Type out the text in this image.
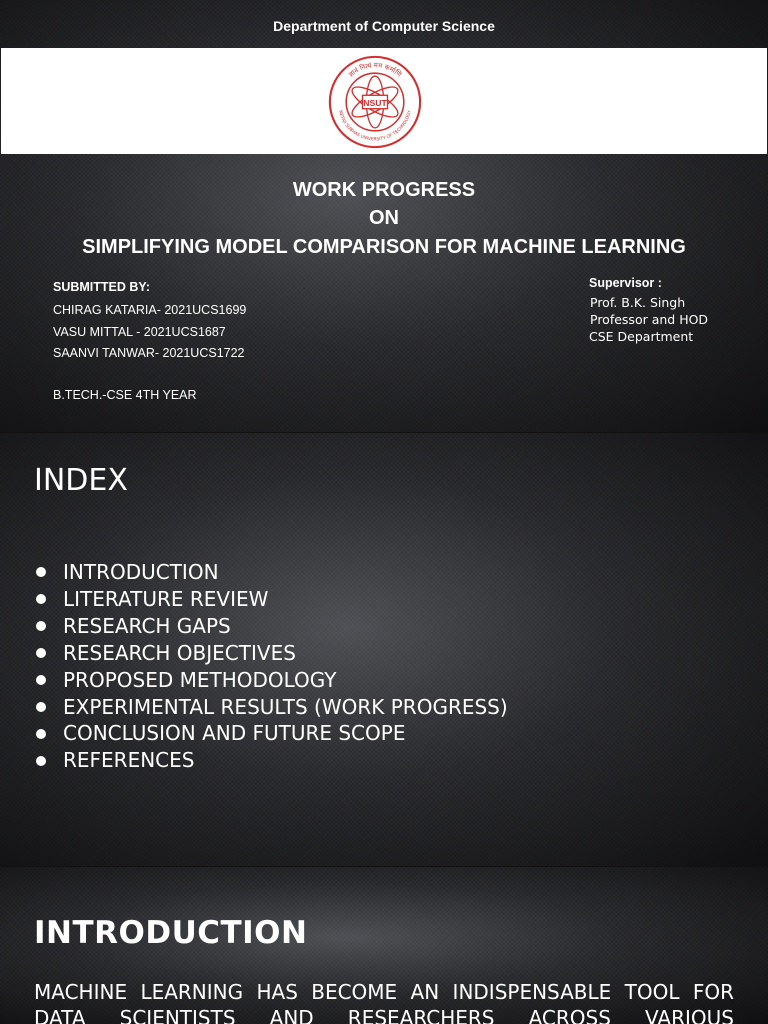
Department of Computer Science
ज्ञानं नित्यं मम कर्माणि
NETAJI SUBHAS UNIVERSITY OF TECHNOLOGY
NSUT
WORK PROGRESS
ON
SIMPLIFYING MODEL COMPARISON FOR MACHINE LEARNING
SUBMITTED BY:
CHIRAG KATARIA- 2021UCS1699
VASU MITTAL - 2021UCS1687
SAANVI TANWAR- 2021UCS1722
B.TECH.-CSE 4TH YEAR
Supervisor :
Prof. B.K. Singh
Professor and HOD
CSE Department
INDEX
INTRODUCTION
LITERATURE REVIEW
RESEARCH GAPS
RESEARCH OBJECTIVES
PROPOSED METHODOLOGY
EXPERIMENTAL RESULTS (WORK PROGRESS)
CONCLUSION AND FUTURE SCOPE
REFERENCES
INTRODUCTION
MACHINE LEARNING HAS BECOME AN INDISPENSABLE TOOL FOR DATA SCIENTISTS AND RESEARCHERS ACROSS VARIOUS
